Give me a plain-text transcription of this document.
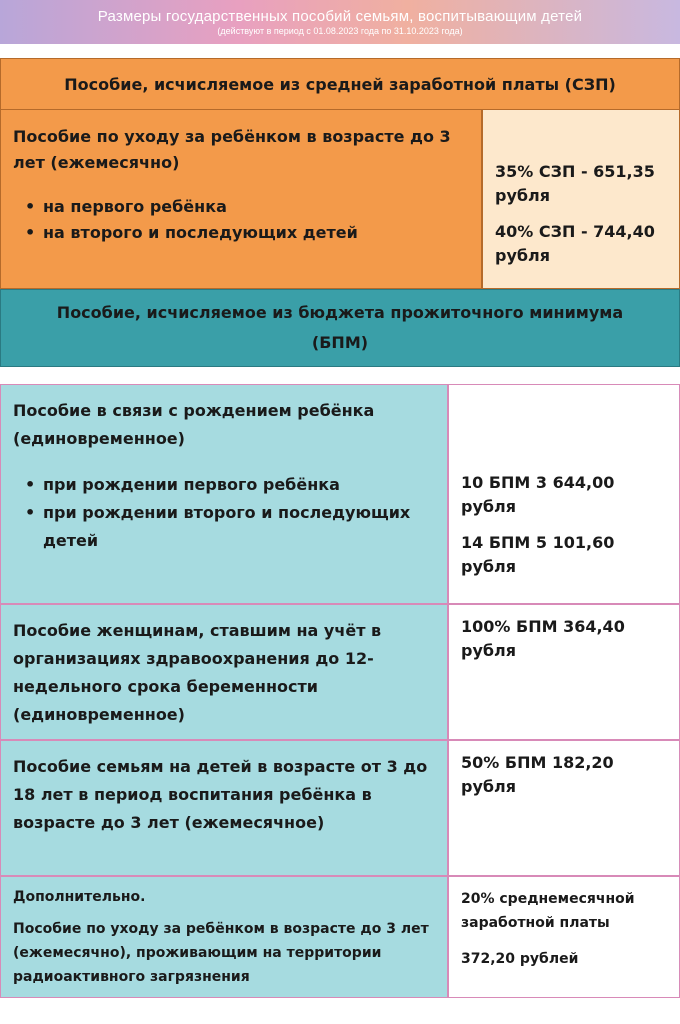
Размеры государственных пособий семьям, воспитывающим детей
(действуют в период с 01.08.2023 года по 31.10.2023 года)
Пособие, исчисляемое из средней заработной платы (СЗП)
Пособие по уходу за ребёнком в возрасте до 3 лет (ежемесячно)
• на первого ребёнка
• на второго и последующих детей
35% СЗП - 651,35 рубля
40% СЗП - 744,40 рубля
Пособие, исчисляемое из бюджета прожиточного минимума (БПМ)
Пособие в связи с рождением ребёнка (единовременное)
• при рождении первого ребёнка
• при рождении второго и последующих детей
10 БПМ 3 644,00 рубля
14 БПМ 5 101,60 рубля
Пособие женщинам, ставшим на учёт в организациях здравоохранения до 12-недельного срока беременности (единовременное)
100% БПМ 364,40 рубля
Пособие семьям на детей в возрасте от 3 до 18 лет в период воспитания ребёнка в возрасте до 3 лет (ежемесячное)
50% БПМ 182,20 рубля
Дополнительно.
Пособие по уходу за ребёнком в возрасте до 3 лет (ежемесячно), проживающим на территории радиоактивного загрязнения
20% среднемесячной заработной платы
372,20 рублей
